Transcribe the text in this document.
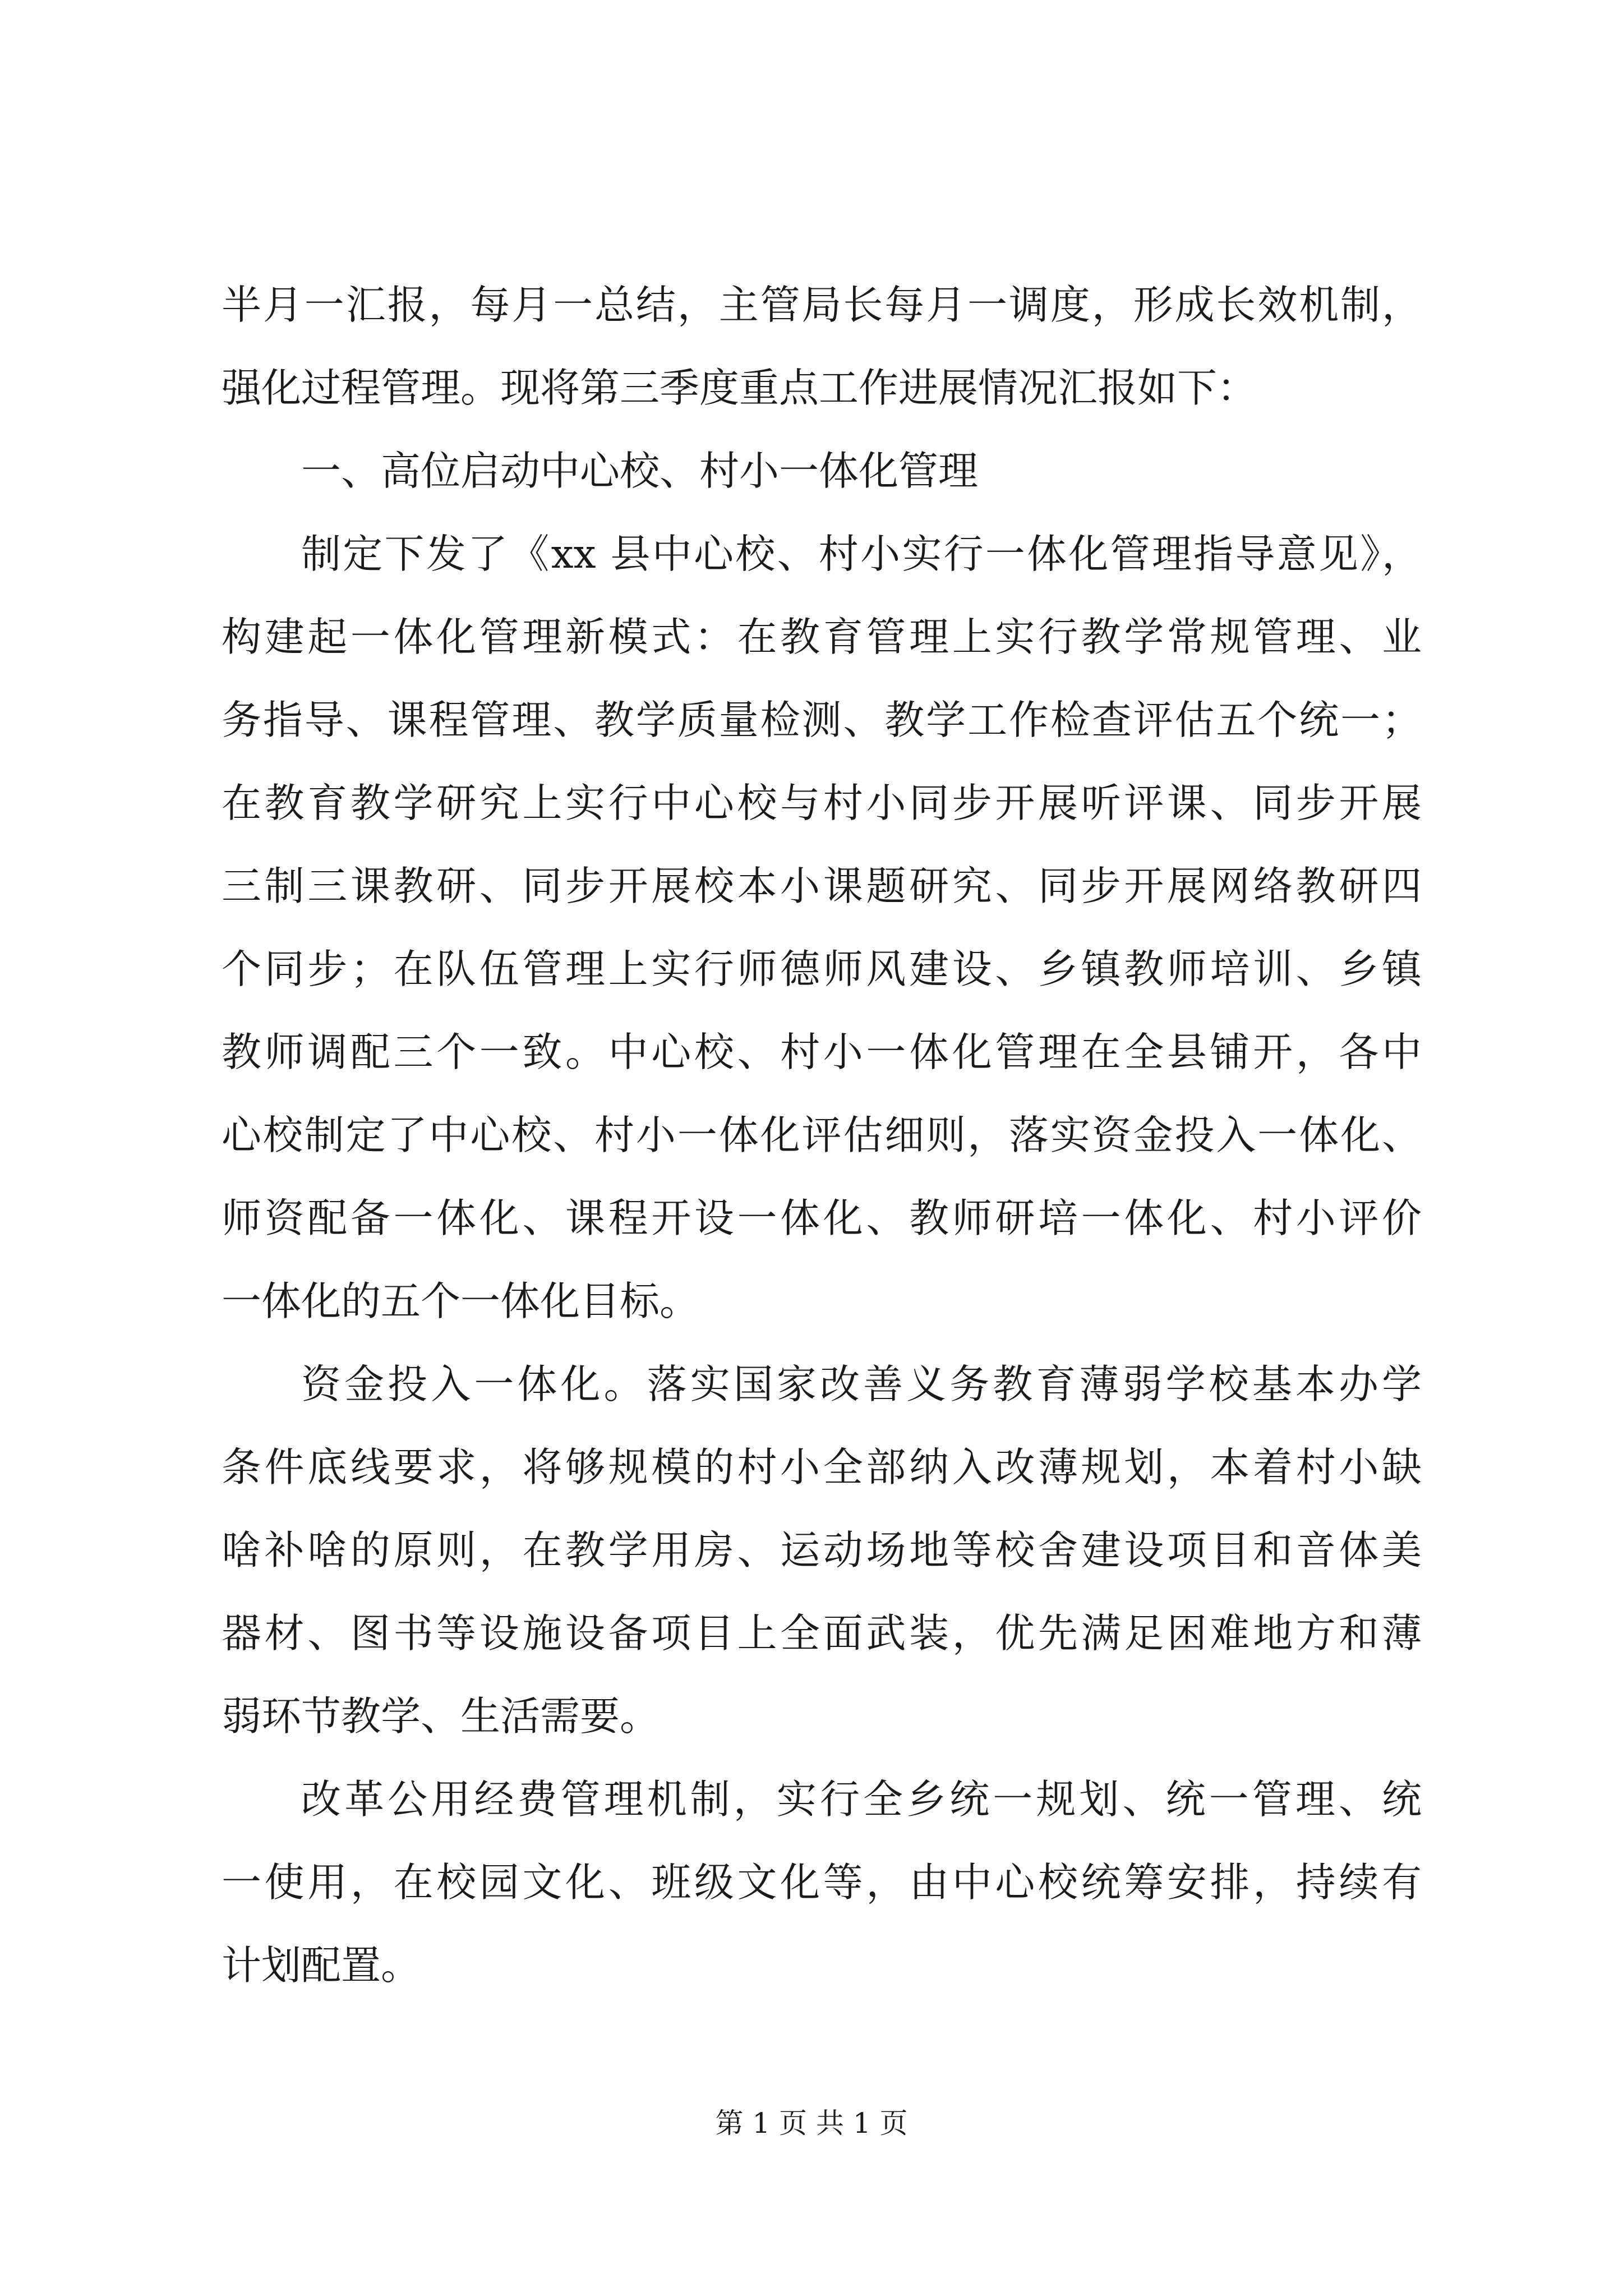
半月一汇报，每月一总结，主管局长每月一调度，形成长效机制，
强化过程管理。现将第三季度重点工作进展情况汇报如下：
一、高位启动中心校、村小一体化管理
制定下发了《xx 县中心校、村小实行一体化管理指导意见》，
构建起一体化管理新模式：在教育管理上实行教学常规管理、业
务指导、课程管理、教学质量检测、教学工作检查评估五个统一；
在教育教学研究上实行中心校与村小同步开展听评课、同步开展
三制三课教研、同步开展校本小课题研究、同步开展网络教研四
个同步；在队伍管理上实行师德师风建设、乡镇教师培训、乡镇
教师调配三个一致。中心校、村小一体化管理在全县铺开，各中
心校制定了中心校、村小一体化评估细则，落实资金投入一体化、
师资配备一体化、课程开设一体化、教师研培一体化、村小评价
一体化的五个一体化目标。
资金投入一体化。落实国家改善义务教育薄弱学校基本办学
条件底线要求，将够规模的村小全部纳入改薄规划，本着村小缺
啥补啥的原则，在教学用房、运动场地等校舍建设项目和音体美
器材、图书等设施设备项目上全面武装，优先满足困难地方和薄
弱环节教学、生活需要。
改革公用经费管理机制，实行全乡统一规划、统一管理、统
一使用，在校园文化、班级文化等，由中心校统筹安排，持续有
计划配置。
第 1 页 共 1 页
